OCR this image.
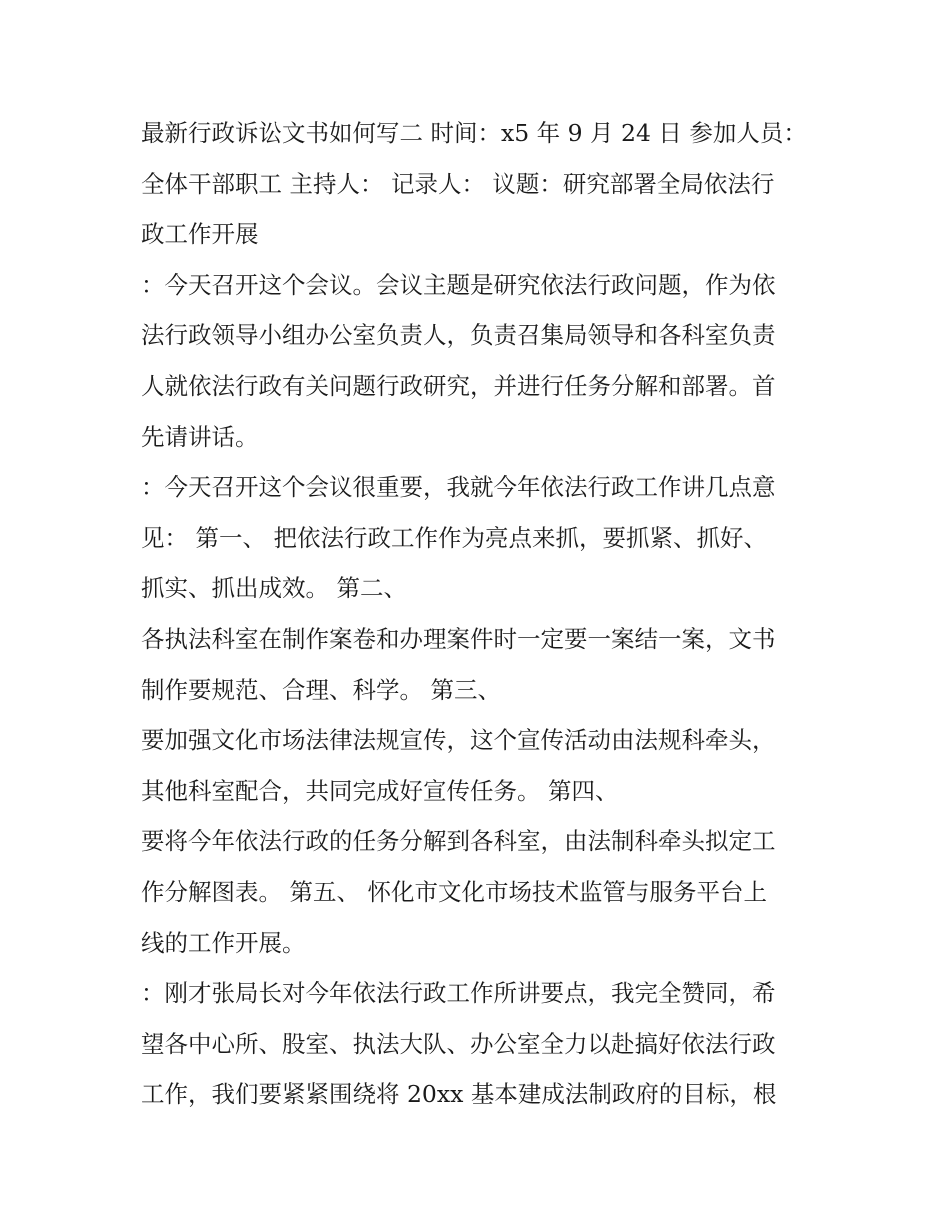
最新行政诉讼文书如何写二 时间：x5 年 9 月 24 日 参加人员：
全体干部职工 主持人： 记录人： 议题：研究部署全局依法行
政工作开展
：今天召开这个会议。会议主题是研究依法行政问题，作为依
法行政领导小组办公室负责人，负责召集局领导和各科室负责
人就依法行政有关问题行政研究，并进行任务分解和部署。首
先请讲话。
：今天召开这个会议很重要，我就今年依法行政工作讲几点意
见： 第一、 把依法行政工作作为亮点来抓，要抓紧、抓好、
抓实、抓出成效。 第二、
各执法科室在制作案卷和办理案件时一定要一案结一案，文书
制作要规范、合理、科学。 第三、
要加强文化市场法律法规宣传，这个宣传活动由法规科牵头，
其他科室配合，共同完成好宣传任务。 第四、
要将今年依法行政的任务分解到各科室，由法制科牵头拟定工
作分解图表。 第五、 怀化市文化市场技术监管与服务平台上
线的工作开展。
：刚才张局长对今年依法行政工作所讲要点，我完全赞同，希
望各中心所、股室、执法大队、办公室全力以赴搞好依法行政
工作，我们要紧紧围绕将 20xx 基本建成法制政府的目标，根
